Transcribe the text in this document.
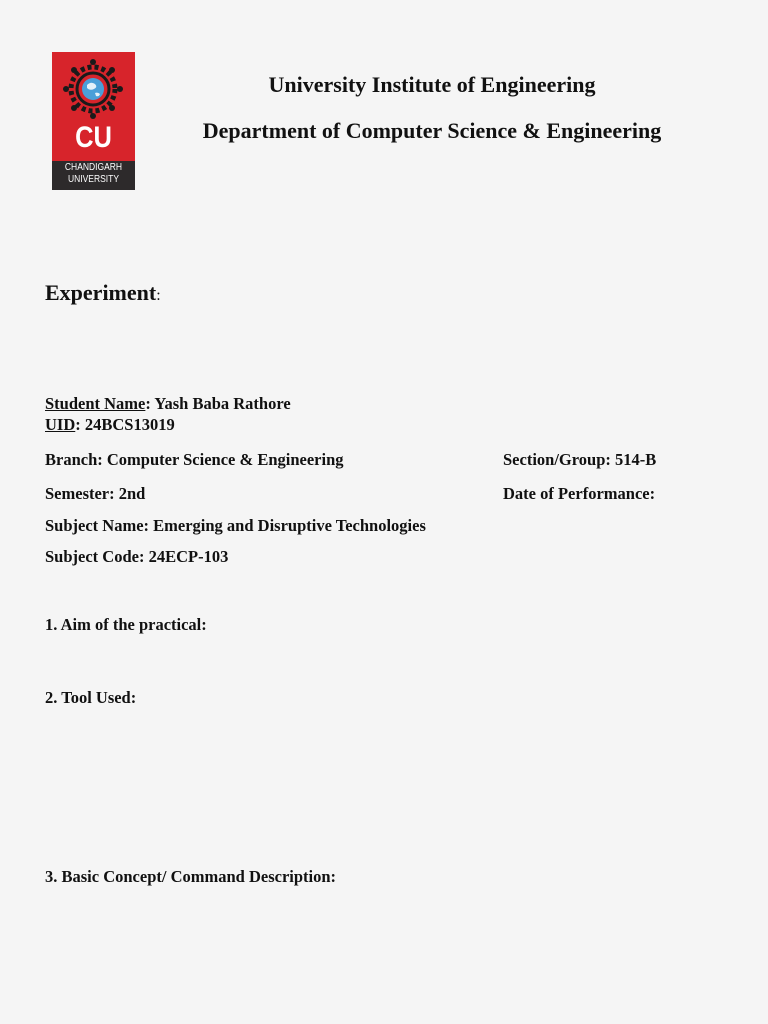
CU
CHANDIGARH
UNIVERSITY
University Institute of Engineering
Department of Computer Science & Engineering
Experiment:
Student Name: Yash Baba Rathore
UID: 24BCS13019
Branch: Computer Science & Engineering	Section/Group: 514-B
Semester: 2nd	Date of Performance:
Subject Name: Emerging and Disruptive Technologies
Subject Code: 24ECP-103
1. Aim of the practical:
2. Tool Used:
3. Basic Concept/ Command Description:
